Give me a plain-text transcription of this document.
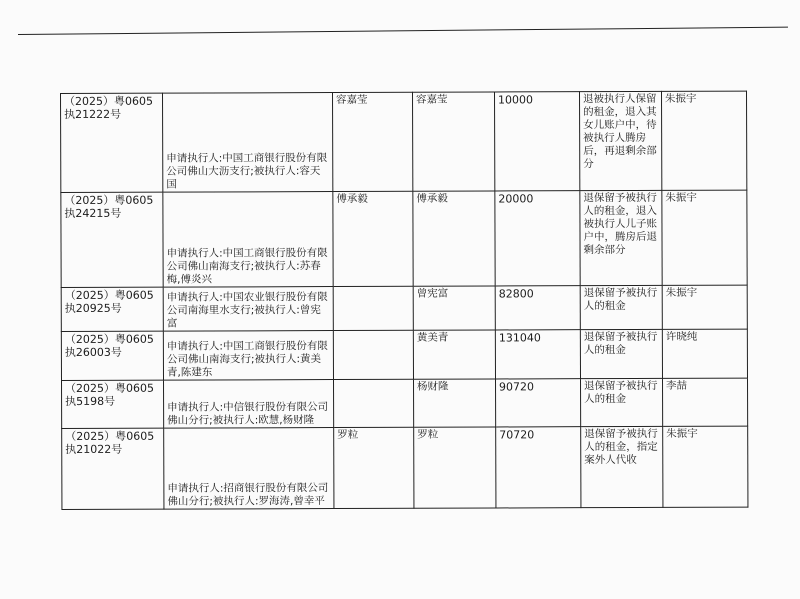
（2025）粤0605执21222号	申请执行人:中国工商银行股份有限公司佛山大沥支行;被执行人:容天国	容嘉莹	容嘉莹	10000	退被执行人保留的租金，退入其女儿账户中，待被执行人腾房后，再退剩余部分	朱振宇
（2025）粤0605执24215号	申请执行人:中国工商银行股份有限公司佛山南海支行;被执行人:苏春梅,傅炎兴	傅承毅	傅承毅	20000	退保留予被执行人的租金，退入被执行人儿子账户中，腾房后退剩余部分	朱振宇
（2025）粤0605执20925号	申请执行人:中国农业银行股份有限公司南海里水支行;被执行人:曾宪富		曾宪富	82800	退保留予被执行人的租金	朱振宇
（2025）粤0605执26003号	申请执行人:中国工商银行股份有限公司佛山南海支行;被执行人:黄美青,陈建东		黄美青	131040	退保留予被执行人的租金	许晓纯
（2025）粤0605执5198号	申请执行人:中信银行股份有限公司佛山分行;被执行人:欧慧,杨财隆		杨财隆	90720	退保留予被执行人的租金	李喆
（2025）粤0605执21022号	申请执行人:招商银行股份有限公司佛山分行;被执行人:罗海涛,曾幸平	罗粒	罗粒	70720	退保留予被执行人的租金，指定案外人代收	朱振宇
